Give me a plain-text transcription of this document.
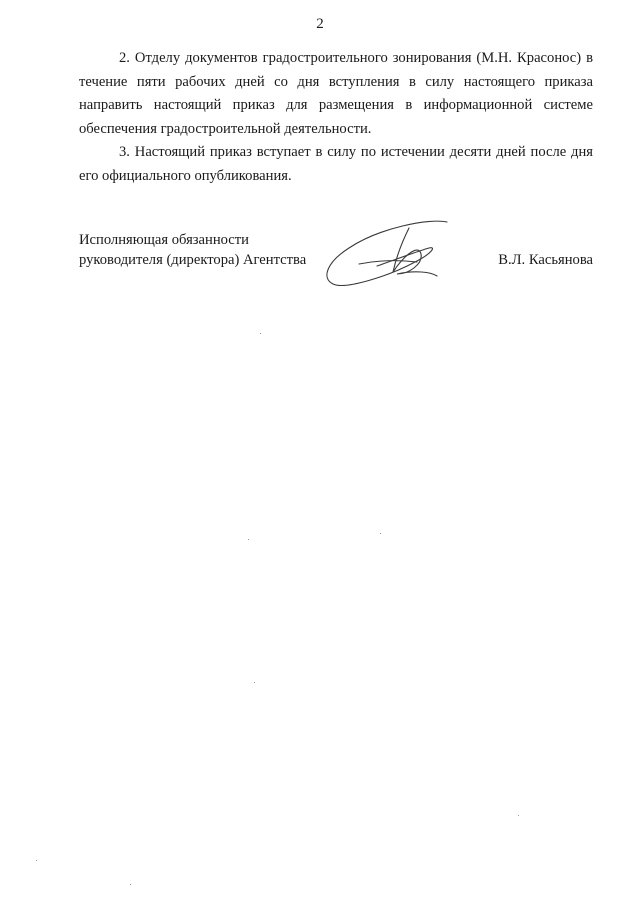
2

2. Отделу документов градостроительного зонирования (М.Н. Красонос) в течение пяти рабочих дней со дня вступления в силу настоящего приказа направить настоящий приказ для размещения в информационной системе обеспечения градостроительной деятельности.

3. Настоящий приказ вступает в силу по истечении десяти дней после дня его официального опубликования.

Исполняющая обязанности
руководителя (директора) Агентства	В.Л. Касьянова
